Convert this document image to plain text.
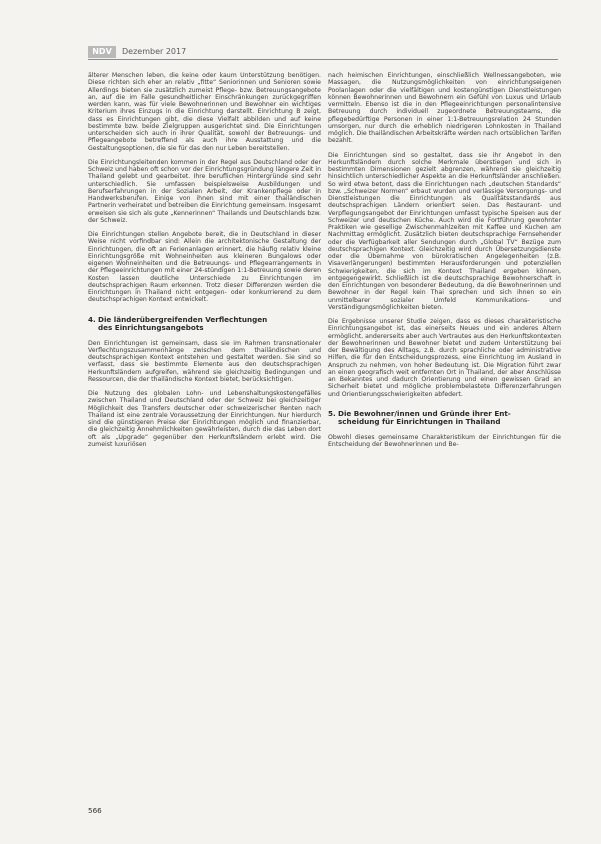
NDV	Dezember 2017

älterer Menschen leben, die keine oder kaum Unterstützung benötigen. Diese richten sich eher an relativ „fitte“ Seniorinnen und Senioren sowie Allerdings bieten sie zusätzlich zumeist Pflege- bzw. Betreuungsangebote an, auf die im Falle gesundheitlicher Einschränkungen zurückgegriffen werden kann, was für viele Bewohnerinnen und Bewohner ein wichtiges Kriterium ihres Einzugs in die Einrichtung darstellt. Einrichtung B zeigt, dass es Einrichtungen gibt, die diese Vielfalt abbilden und auf keine bestimmte bzw. beide Zielgruppen ausgerichtet sind. Die Einrichtungen unterscheiden sich auch in ihrer Qualität, sowohl der Betreuungs- und Pflegeangebote betreffend als auch ihre Ausstattung und die Gestaltungsoptionen, die sie für das den nur Leben bereitstellen.

Die Einrichtungsleitenden kommen in der Regel aus Deutschland oder der Schweiz und haben oft schon vor der Einrichtungsgründung längere Zeit in Thailand gelebt und gearbeitet. Ihre beruflichen Hintergründe sind sehr unterschiedlich. Sie umfassen beispielsweise Ausbildungen und Berufserfahrungen in der Sozialen Arbeit, der Krankenpflege oder in Handwerksberufen. Einige von ihnen sind mit einer thailändischen Partnerin verheiratet und betreiben die Einrichtung gemeinsam. Insgesamt erweisen sie sich als gute „Kennerinnen“ Thailands und Deutschlands bzw. der Schweiz.

Die Einrichtungen stellen Angebote bereit, die in Deutschland in dieser Weise nicht vorfindbar sind: Allein die architektonische Gestaltung der Einrichtungen, die oft an Ferienanlagen erinnert, die häufig relativ kleine Einrichtungsgröße mit Wohneinheiten aus kleineren Bungalows oder eigenen Wohneinheiten und die Betreuungs- und Pflegearrangements in der Pflegeeinrichtungen mit einer 24-stündigen 1:1-Betreuung sowie deren Kosten lassen deutliche Unterschiede zu Einrichtungen im deutschsprachigen Raum erkennen. Trotz dieser Differenzen werden die Einrichtungen in Thailand nicht entgegen- oder konkurrierend zu dem deutschsprachigen Kontext entwickelt.

4. Die länderübergreifenden Verflechtungen
des Einrichtungsangebots

Den Einrichtungen ist gemeinsam, dass sie im Rahmen transnationaler Verflechtungszusammenhänge zwischen dem thailändischen und deutschsprachigen Kontext entstehen und gestaltet werden. Sie sind so verfasst, dass sie bestimmte Elemente aus den deutschsprachigen Herkunftsländern aufgreifen, während sie gleichzeitig Bedingungen und Ressourcen, die der thailändische Kontext bietet, berücksichtigen.

Die Nutzung des globalen Lohn- und Lebenshaltungskostengefälles zwischen Thailand und Deutschland oder der Schweiz bei gleichzeitiger Möglichkeit des Transfers deutscher oder schweizerischer Renten nach Thailand ist eine zentrale Voraussetzung der Einrichtungen. Nur hierdurch sind die günstigeren Preise der Einrichtungen möglich und finanzierbar, die gleichzeitig Annehmlichkeiten gewährleisten, durch die das Leben dort oft als „Upgrade“ gegenüber den Herkunftsländern erlebt wird. Die zumeist luxuriösen

nach heimischen Einrichtungen, einschließlich Wellnessangeboten, wie Massagen, die Nutzungsmöglichkeiten von einrichtungseigenen Poolanlagen oder die vielfältigen und kostengünstigen Dienstleistungen können Bewohnerinnen und Bewohnern ein Gefühl von Luxus und Urlaub vermitteln. Ebenso ist die in den Pflegeeinrichtungen personalintensive Betreuung durch individuell zugeordnete Betreuungsteams, die pflegebedürftige Personen in einer 1:1-Betreuungsrelation 24 Stunden umsorgen, nur durch die erheblich niedrigeren Lohnkosten in Thailand möglich. Die thailändischen Arbeitskräfte werden nach ortsüblichen Tarifen bezahlt.

Die Einrichtungen sind so gestaltet, dass sie ihr Angebot in den Herkunftsländern durch solche Merkmale überstiegen und sich in bestimmten Dimensionen gezielt abgrenzen, während sie gleichzeitig hinsichtlich unterschiedlicher Aspekte an die Herkunftsländer anschließen. So wird etwa betont, dass die Einrichtungen nach „deutschen Standards“ bzw. „Schweizer Normen“ erbaut wurden und verlässige Versorgungs- und Dienstleistungen die Einrichtungen als Qualitätsstandards aus deutschsprachigen Ländern orientiert seien. Das Restaurant- und Verpflegungsangebot der Einrichtungen umfasst typische Speisen aus der Schweizer und deutschen Küche. Auch wird die Fortführung gewohnter Praktiken wie gesellige Zwischenmahlzeiten mit Kaffee und Kuchen am Nachmittag ermöglicht. Zusätzlich bieten deutschsprachige Fernsehender oder die Verfügbarkeit aller Sendungen durch „Global TV“ Bezüge zum deutschsprachigen Kontext. Gleichzeitig wird durch Übersetzungsdienste oder die Übernahme von bürokratischen Angelegenheiten (z.B. Visaverlängerungen) bestimmten Herausforderungen und potenziellen Schwierigkeiten, die sich im Kontext Thailand ergeben können, entgegengewirkt. Schließlich ist die deutschsprachige Bewohnerschaft in den Einrichtungen von besonderer Bedeutung, da die Bewohnerinnen und Bewohner in der Regel kein Thai sprechen und sich ihnen so ein unmittelbarer sozialer Umfeld Kommunikations- und Verständigungsmöglichkeiten bieten.

Die Ergebnisse unserer Studie zeigen, dass es dieses charakteristische Einrichtungsangebot ist, das einerseits Neues und ein anderes Altern ermöglicht, andererseits aber auch Vertrautes aus den Herkunftskontexten der Bewohnerinnen und Bewohner bietet und zudem Unterstützung bei der Bewältigung des Alltags, z.B. durch sprachliche oder administrative Hilfen, die für den Entscheidungsprozess, eine Einrichtung im Ausland in Anspruch zu nehmen, von hoher Bedeutung ist. Die Migration führt zwar an einen geografisch weit entfernten Ort in Thailand, der aber Anschlüsse an Bekanntes und dadurch Orientierung und einen gewissen Grad an Sicherheit bietet und mögliche problembelastete Differenzerfahrungen und Orientierungsschwierigkeiten abfedert.

5. Die Bewohner/innen und Gründe ihrer Ent-
scheidung für Einrichtungen in Thailand

Obwohl dieses gemeinsame Charakteristikum der Einrichtungen für die Entscheidung der Bewohnerinnen und Be-

566
